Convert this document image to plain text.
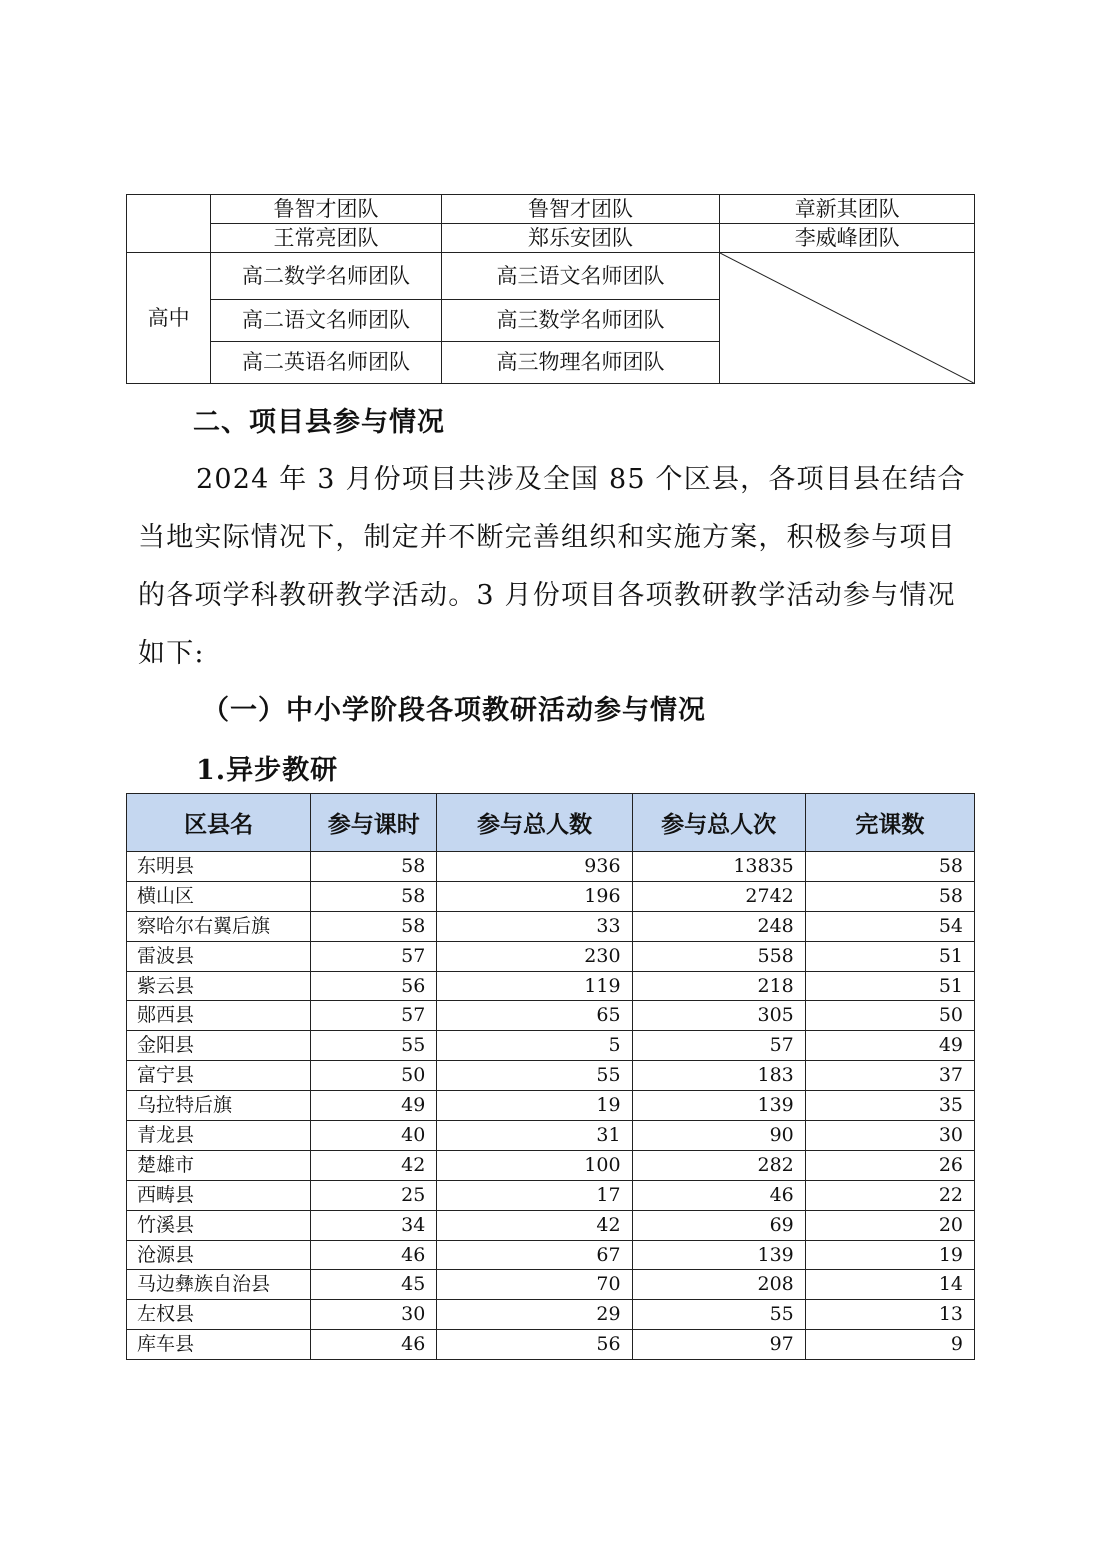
	鲁智才团队	鲁智才团队	章新其团队
	王常亮团队	郑乐安团队	李威峰团队
高中	高二数学名师团队	高三语文名师团队	

	高二语文名师团队	高三数学名师团队	
	高二英语名师团队	高三物理名师团队	
二、项目县参与情况

2024 年 3 月份项目共涉及全国 85 个区县，各项目县在结合当地实际情况下，制定并不断完善组织和实施方案，积极参与项目的各项学科教研教学活动。3 月份项目各项教研教学活动参与情况如下:

（一）中小学阶段各项教研活动参与情况
1.异步教研
区县名	参与课时	参与总人数	参与总人次	完课数
东明县	58	936	13835	58
横山区	58	196	2742	58
察哈尔右翼后旗	58	33	248	54
雷波县	57	230	558	51
紫云县	56	119	218	51
郧西县	57	65	305	50
金阳县	55	5	57	49
富宁县	50	55	183	37
乌拉特后旗	49	19	139	35
青龙县	40	31	90	30
楚雄市	42	100	282	26
西畴县	25	17	46	22
竹溪县	34	42	69	20
沧源县	46	67	139	19
马边彝族自治县	45	70	208	14
左权县	30	29	55	13
库车县	46	56	97	9
